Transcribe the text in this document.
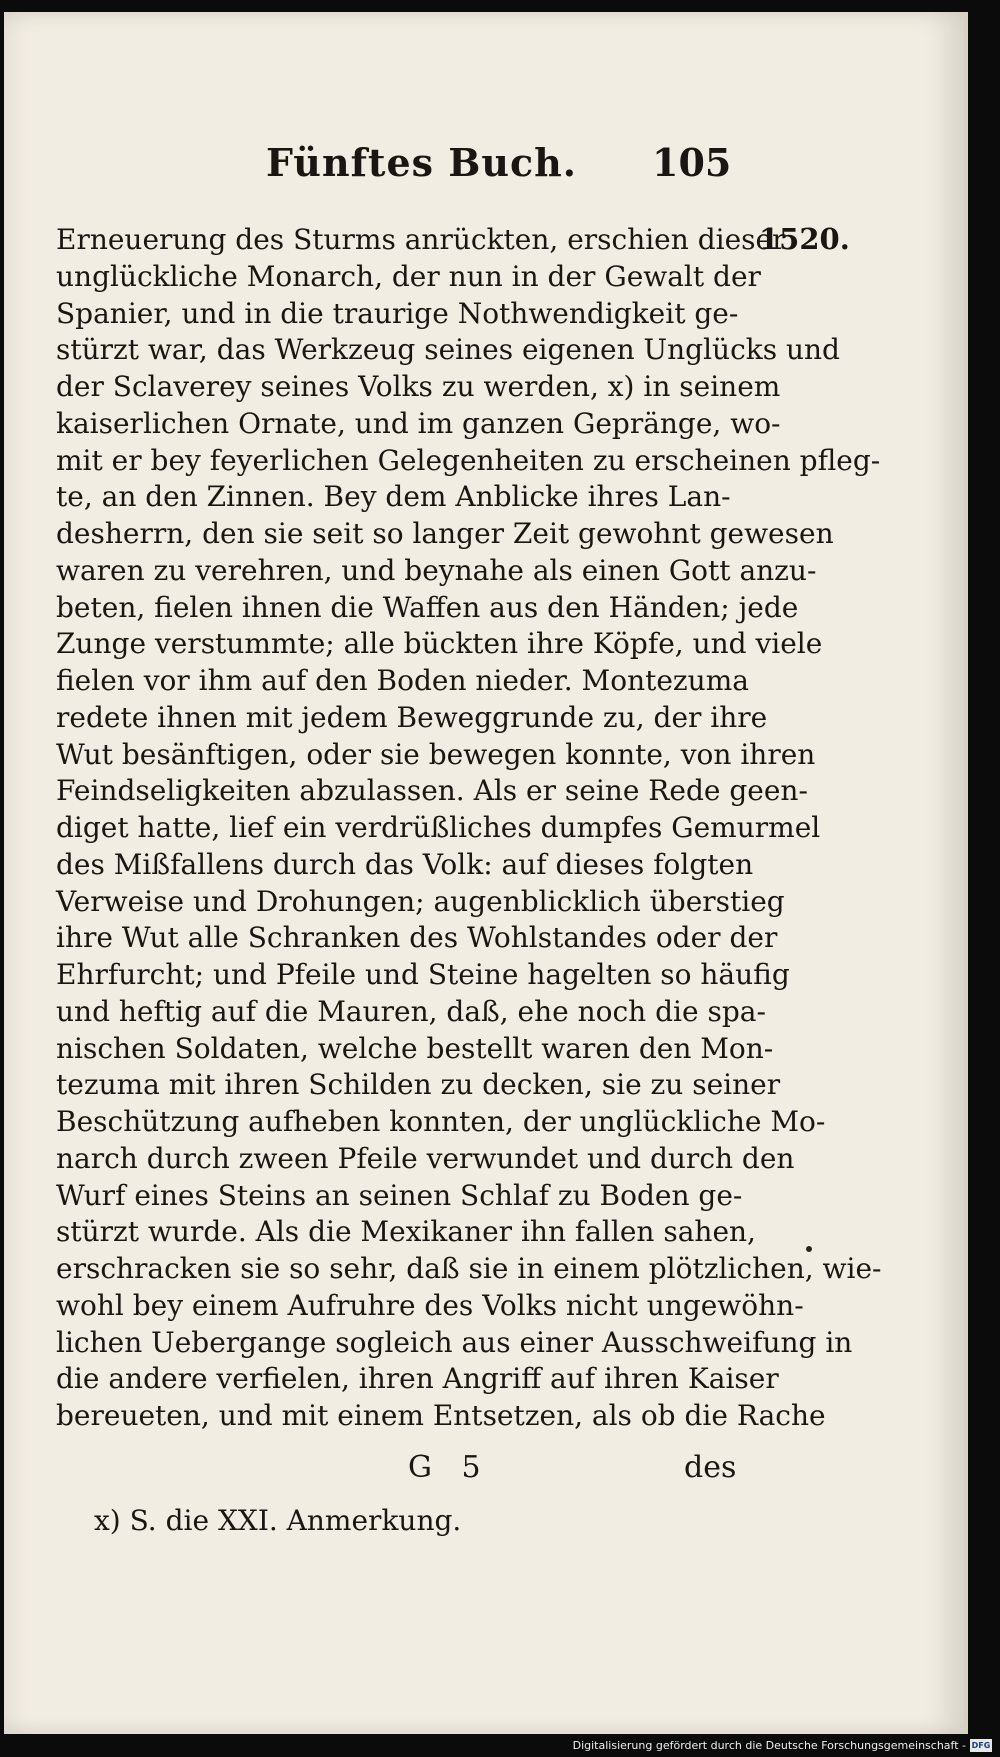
Fünftes Buch. 105
1520.
Erneuerung des Sturms anrückten, erschien dieser
unglückliche Monarch, der nun in der Gewalt der
Spanier, und in die traurige Nothwendigkeit ge-
stürzt war, das Werkzeug seines eigenen Unglücks und
der Sclaverey seines Volks zu werden, x) in seinem
kaiserlichen Ornate, und im ganzen Gepränge, wo-
mit er bey feyerlichen Gelegenheiten zu erscheinen pfleg-
te, an den Zinnen. Bey dem Anblicke ihres Lan-
desherrn, den sie seit so langer Zeit gewohnt gewesen
waren zu verehren, und beynahe als einen Gott anzu-
beten, fielen ihnen die Waffen aus den Händen; jede
Zunge verstummte; alle bückten ihre Köpfe, und viele
fielen vor ihm auf den Boden nieder. Montezuma
redete ihnen mit jedem Beweggrunde zu, der ihre
Wut besänftigen, oder sie bewegen konnte, von ihren
Feindseligkeiten abzulassen. Als er seine Rede geen-
diget hatte, lief ein verdrüßliches dumpfes Gemurmel
des Mißfallens durch das Volk: auf dieses folgten
Verweise und Drohungen; augenblicklich überstieg
ihre Wut alle Schranken des Wohlstandes oder der
Ehrfurcht; und Pfeile und Steine hagelten so häufig
und heftig auf die Mauren, daß, ehe noch die spa-
nischen Soldaten, welche bestellt waren den Mon-
tezuma mit ihren Schilden zu decken, sie zu seiner
Beschützung aufheben konnten, der unglückliche Mo-
narch durch zween Pfeile verwundet und durch den
Wurf eines Steins an seinen Schlaf zu Boden ge-
stürzt wurde. Als die Mexikaner ihn fallen sahen,
erschracken sie so sehr, daß sie in einem plötzlichen, wie-
wohl bey einem Aufruhre des Volks nicht ungewöhn-
lichen Uebergange sogleich aus einer Ausschweifung in
die andere verfielen, ihren Angriff auf ihren Kaiser
bereueten, und mit einem Entsetzen, als ob die Rache
G 5	des
x) S. die XXI. Anmerkung.
Digitalisierung gefördert durch die Deutsche Forschungsgemeinschaft - DFG
